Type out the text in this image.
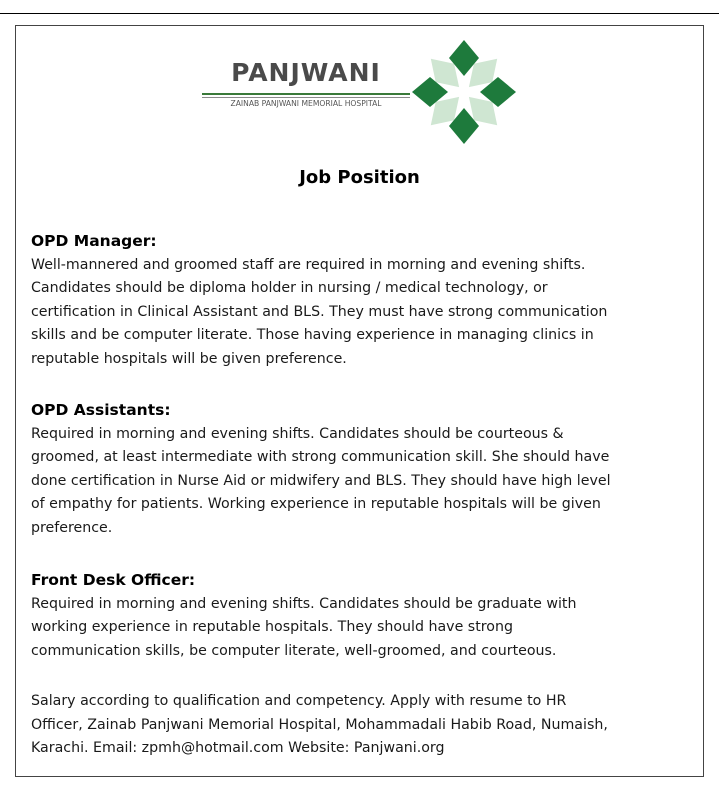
PANJWANI
ZAINAB PANJWANI MEMORIAL HOSPITAL
Job Position
OPD Manager:
Well-mannered and groomed staff are required in morning and evening shifts.
Candidates should be diploma holder in nursing / medical technology, or
certification in Clinical Assistant and BLS. They must have strong communication
skills and be computer literate. Those having experience in managing clinics in
reputable hospitals will be given preference.
OPD Assistants:
Required in morning and evening shifts. Candidates should be courteous &
groomed, at least intermediate with strong communication skill. She should have
done certification in Nurse Aid or midwifery and BLS. They should have high level
of empathy for patients. Working experience in reputable hospitals will be given
preference.
Front Desk Officer:
Required in morning and evening shifts. Candidates should be graduate with
working experience in reputable hospitals. They should have strong
communication skills, be computer literate, well-groomed, and courteous.
Salary according to qualification and competency. Apply with resume to HR
Officer, Zainab Panjwani Memorial Hospital, Mohammadali Habib Road, Numaish,
Karachi. Email: zpmh@hotmail.com Website: Panjwani.org
